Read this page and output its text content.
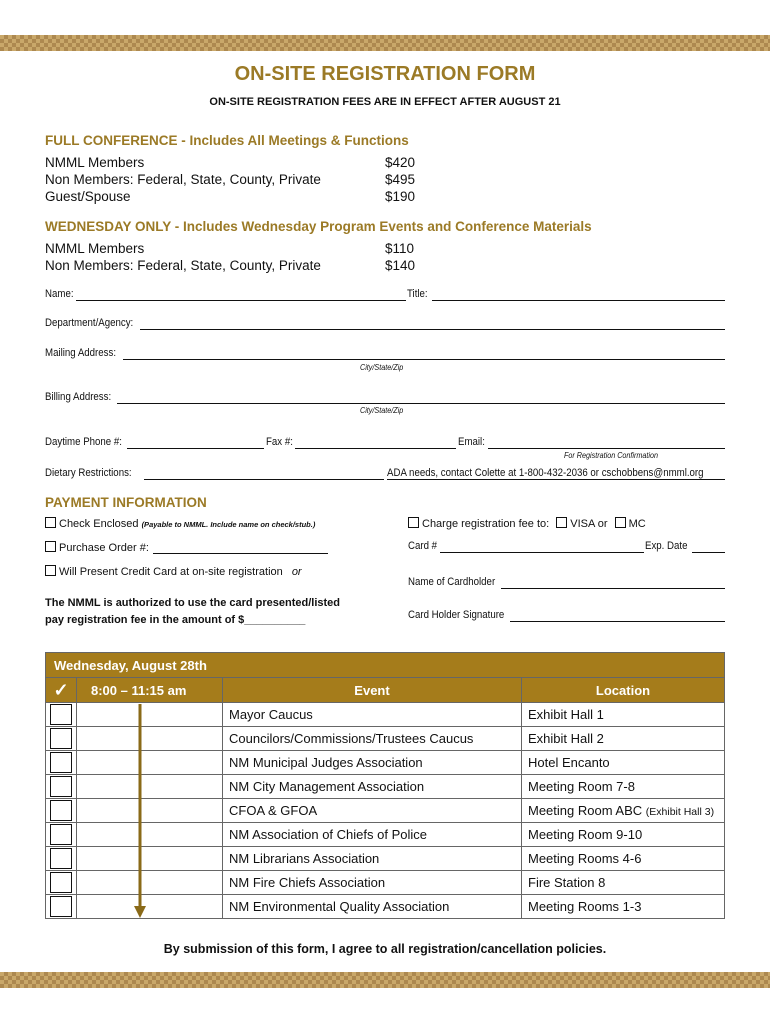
ON-SITE REGISTRATION FORM
ON-SITE REGISTRATION FEES ARE IN EFFECT AFTER AUGUST 21
FULL CONFERENCE - Includes All Meetings & Functions
NMML Members	$420
Non Members: Federal, State, County, Private	$495
Guest/Spouse	$190
WEDNESDAY ONLY - Includes Wednesday Program Events and Conference Materials
NMML Members	$110
Non Members: Federal, State, County, Private	$140
Name:	Title:
Department/Agency:
Mailing Address:
City/State/Zip
Billing Address:
City/State/Zip
Daytime Phone #:	Fax #:	Email:
For Registration Confirmation
Dietary Restrictions:	ADA needs, contact Colette at 1-800-432-2036 or cschobbens@nmml.org
PAYMENT INFORMATION
Check Enclosed (Payable to NMML. Include name on check/stub.)
Purchase Order #:
Will Present Credit Card at on-site registration or
The NMML is authorized to use the card presented/listed
pay registration fee in the amount of $__________
Charge registration fee to: VISA or MC
Card #	Exp. Date
Name of Cardholder
Card Holder Signature
Wednesday, August 28th			
✓	8:00 – 11:15 am	Event	Location
		Mayor Caucus	Exhibit Hall 1
		Councilors/Commissions/Trustees Caucus	Exhibit Hall 2
		NM Municipal Judges Association	Hotel Encanto
		NM City Management Association	Meeting Room 7-8
		CFOA & GFOA	Meeting Room ABC (Exhibit Hall 3)
		NM Association of Chiefs of Police	Meeting Room 9-10
		NM Librarians Association	Meeting Rooms 4-6
		NM Fire Chiefs Association	Fire Station 8
		NM Environmental Quality Association	Meeting Rooms 1-3
By submission of this form, I agree to all registration/cancellation policies.
